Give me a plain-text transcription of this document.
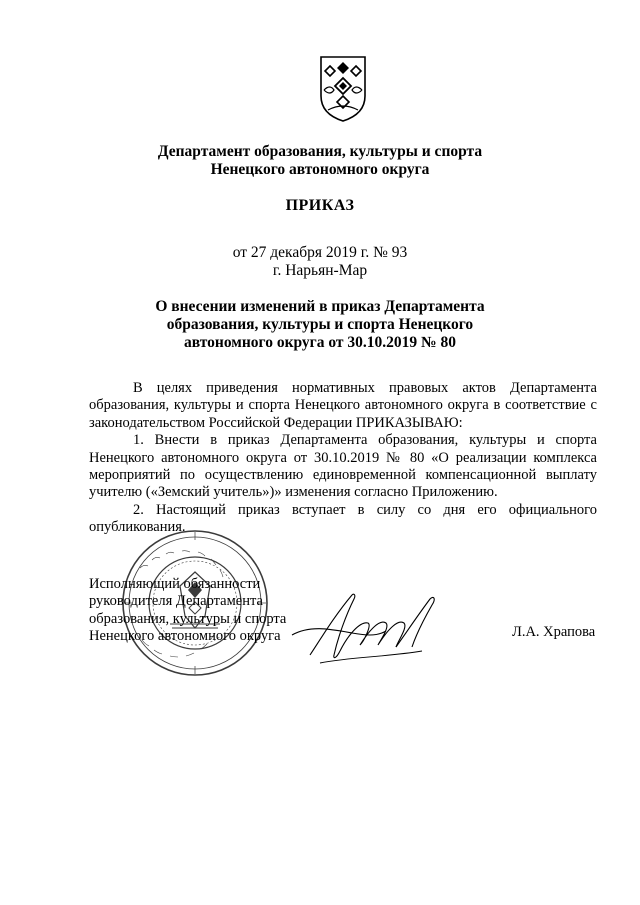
Департамент образования, культуры и спорта
Ненецкого автономного округа
ПРИКАЗ
от 27 декабря 2019 г. № 93
г. Нарьян-Мар
О внесении изменений в приказ Департамента
образования, культуры и спорта Ненецкого
автономного округа от 30.10.2019 № 80

В целях приведения нормативных правовых актов Департамента образования, культуры и спорта Ненецкого автономного округа в соответствие с законодательством Российской Федерации ПРИКАЗЫВАЮ:

1. Внести в приказ Департамента образования, культуры и спорта Ненецкого автономного округа от 30.10.2019 № 80 «О реализации комплекса мероприятий по осуществлению единовременной компенсационной выплату учителю («Земский учитель»)» изменения согласно Приложению.

2. Настоящий приказ вступает в силу со дня его официального опубликования.

Исполняющий обязанности
руководителя Департамента
образования, культуры и спорта
Ненецкого автономного округа	Л.А. Храпова
